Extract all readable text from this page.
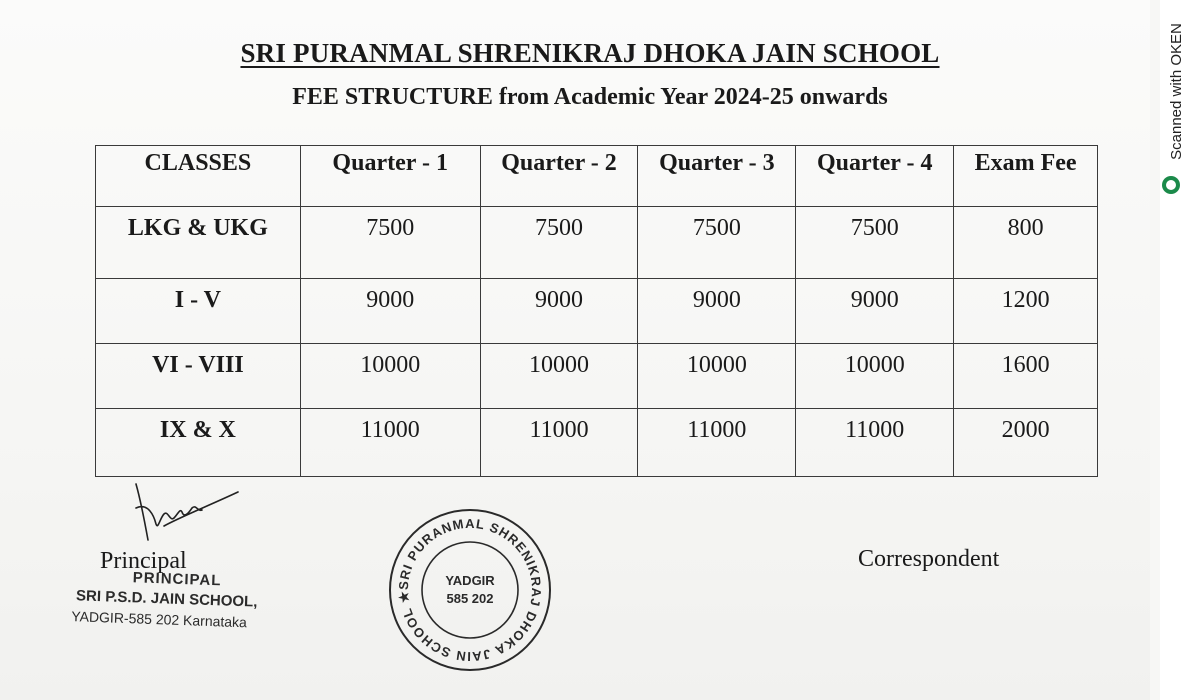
Scanned with OKEN
SRI PURANMAL SHRENIKRAJ DHOKA JAIN SCHOOL
FEE STRUCTURE from Academic Year 2024-25 onwards
CLASSES	Quarter - 1	Quarter - 2	Quarter - 3	Quarter - 4	Exam Fee
LKG & UKG	7500	7500	7500	7500	800
I - V	9000	9000	9000	9000	1200
VI - VIII	10000	10000	10000	10000	1600
IX & X	11000	11000	11000	11000	2000
Principal
PRINCIPAL
SRI P.S.D. JAIN SCHOOL,
YADGIR-585 202 Karnataka
SRI PURANMAL SHRENIKRAJ DHOKA JAIN SCHOOL ★
YADGIR
585 202
Correspondent
